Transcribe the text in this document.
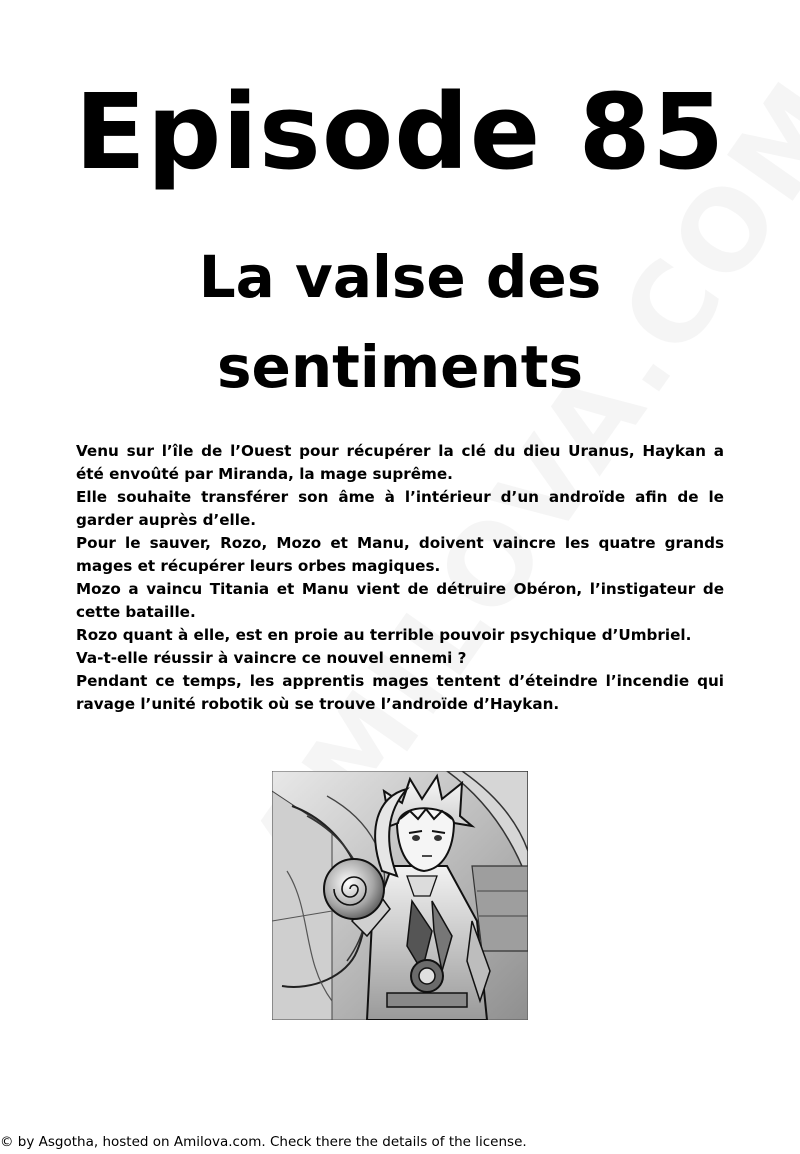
Episode 85
La valse des
sentiments

Venu sur l’île de l’Ouest pour récupérer la clé du dieu Uranus, Haykan a été envoûté par Miranda, la mage suprême.

Elle souhaite transférer son âme à l’intérieur d’un androïde afin de le garder auprès d’elle.

Pour le sauver, Rozo, Mozo et Manu, doivent vaincre les quatre grands mages et récupérer leurs orbes magiques.

Mozo a vaincu Titania et Manu vient de détruire Obéron, l’instigateur de cette bataille.

Rozo quant à elle, est en proie au terrible pouvoir psychique d’Umbriel.

Va-t-elle réussir à vaincre ce nouvel ennemi ?

Pendant ce temps, les apprentis mages tentent d’éteindre l’incendie qui ravage l’unité robotik où se trouve l’androïde d’Haykan.

© by Asgotha, hosted on Amilova.com. Check there the details of the license.
